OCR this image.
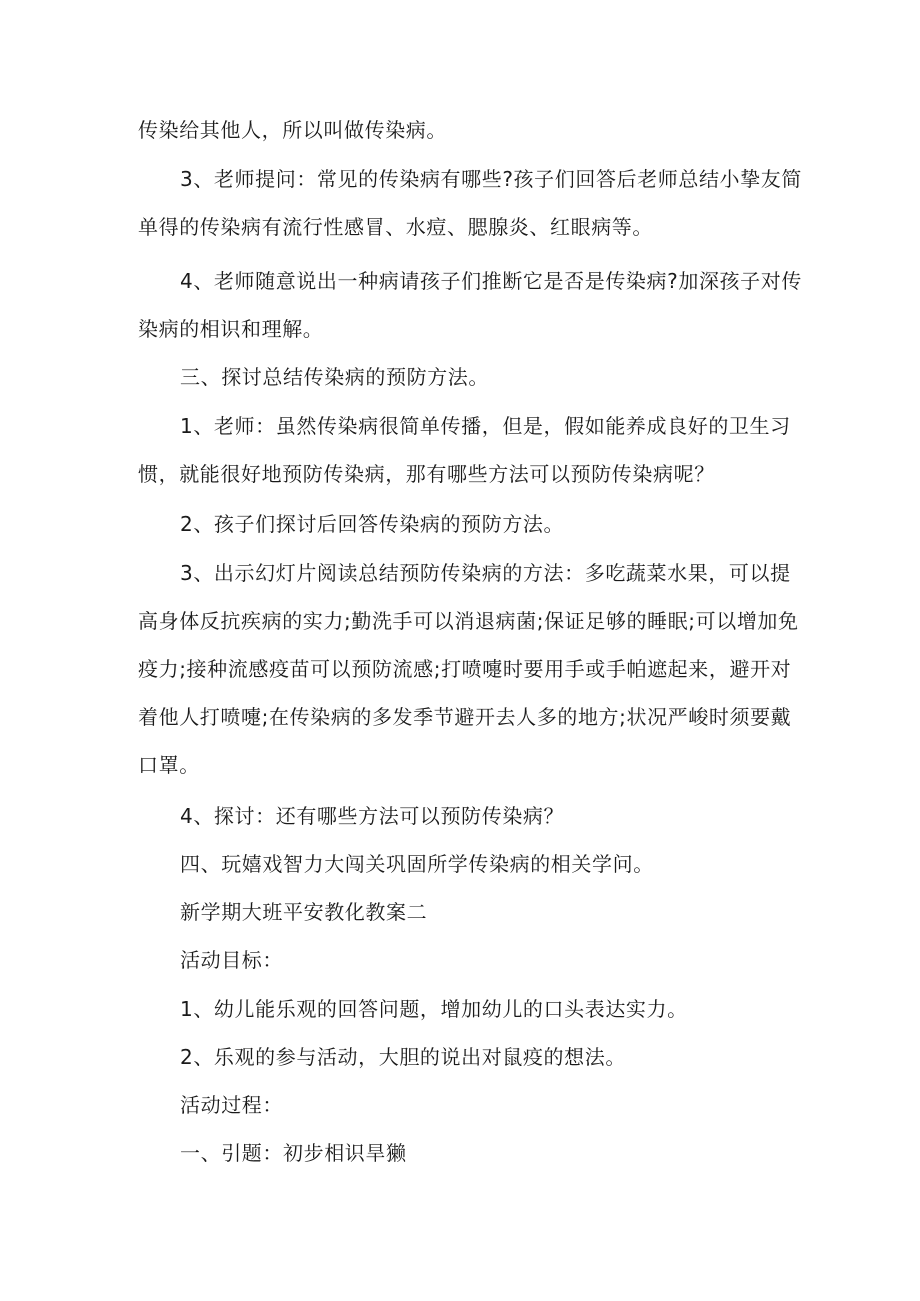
传染给其他人，所以叫做传染病。

3、老师提问：常见的传染病有哪些?孩子们回答后老师总结小挚友简
单得的传染病有流行性感冒、水痘、腮腺炎、红眼病等。

4、老师随意说出一种病请孩子们推断它是否是传染病?加深孩子对传
染病的相识和理解。

三、探讨总结传染病的预防方法。

1、老师：虽然传染病很简单传播，但是，假如能养成良好的卫生习
惯，就能很好地预防传染病，那有哪些方法可以预防传染病呢？

2、孩子们探讨后回答传染病的预防方法。

3、出示幻灯片阅读总结预防传染病的方法：多吃蔬菜水果，可以提
高身体反抗疾病的实力;勤洗手可以消退病菌;保证足够的睡眠;可以增加免
疫力;接种流感疫苗可以预防流感;打喷嚏时要用手或手帕遮起来，避开对
着他人打喷嚏;在传染病的多发季节避开去人多的地方;状况严峻时须要戴
口罩。

4、探讨：还有哪些方法可以预防传染病？

四、玩嬉戏智力大闯关巩固所学传染病的相关学问。

新学期大班平安教化教案二

活动目标：

1、幼儿能乐观的回答问题，增加幼儿的口头表达实力。

2、乐观的参与活动，大胆的说出对鼠疫的想法。

活动过程：

一、引题：初步相识旱獭
